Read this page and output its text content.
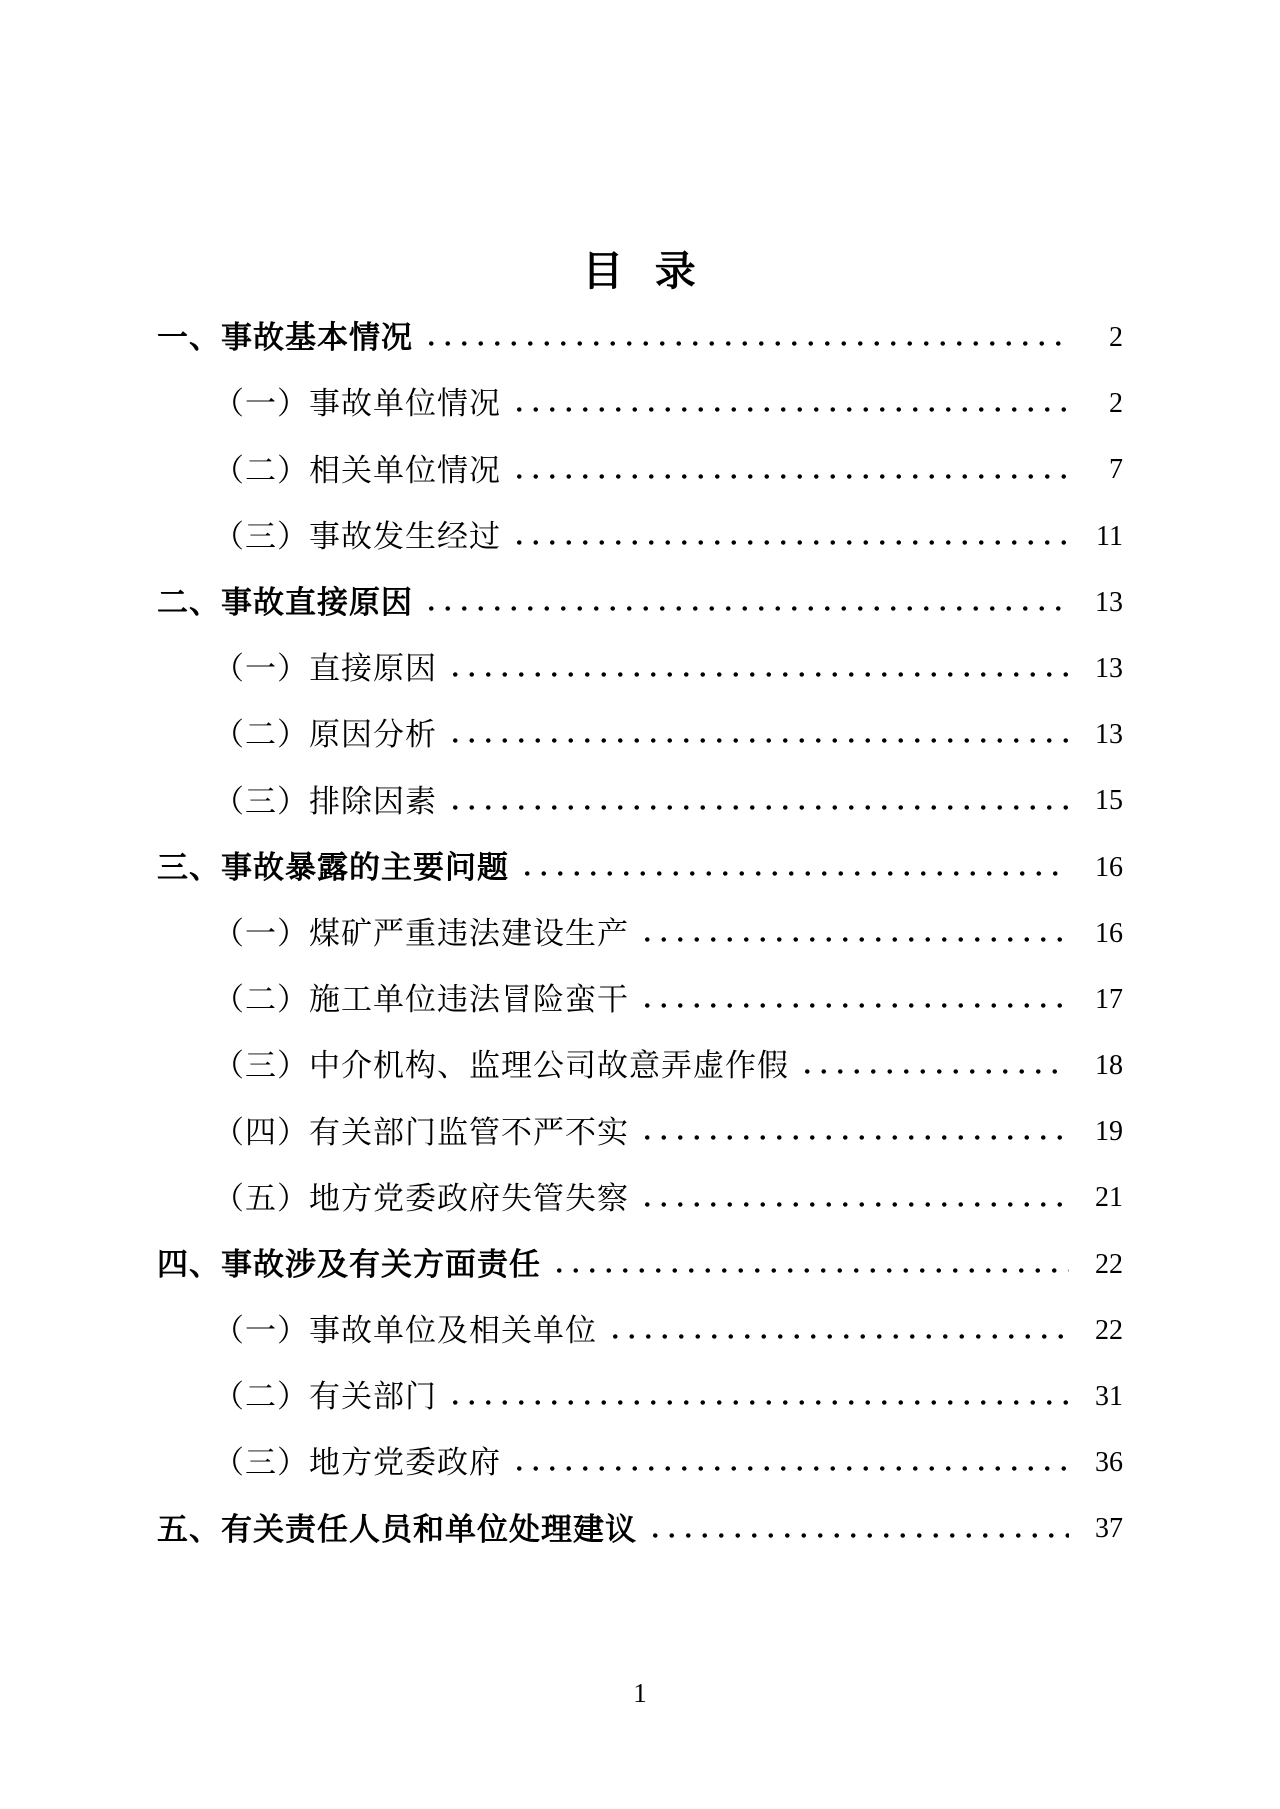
目 录
一、事故基本情况	2
（一）事故单位情况	2
（二）相关单位情况	7
（三）事故发生经过	11
二、事故直接原因	13
（一）直接原因	13
（二）原因分析	13
（三）排除因素	15
三、事故暴露的主要问题	16
（一）煤矿严重违法建设生产	16
（二）施工单位违法冒险蛮干	17
（三）中介机构、监理公司故意弄虚作假	18
（四）有关部门监管不严不实	19
（五）地方党委政府失管失察	21
四、事故涉及有关方面责任	22
（一）事故单位及相关单位	22
（二）有关部门	31
（三）地方党委政府	36
五、有关责任人员和单位处理建议	37
1
